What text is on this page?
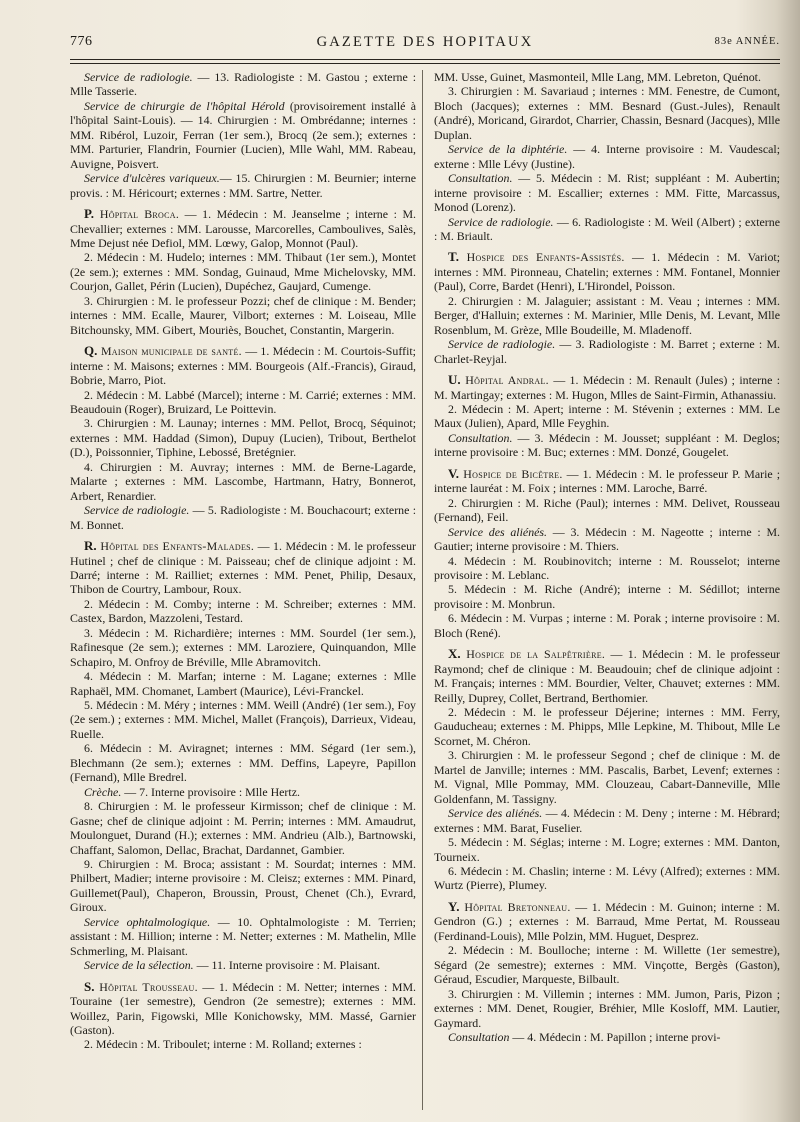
776	GAZETTE DES HOPITAUX	83e ANNÉE.

Service de radiologie. — 13. Radiologiste : M. Gastou ; externe : Mlle Tasserie.

Service de chirurgie de l'hôpital Hérold (provisoirement installé à l'hôpital Saint-Louis). — 14. Chirurgien : M. Ombrédanne; internes : MM. Ribérol, Luzoir, Ferran (1er sem.), Brocq (2e sem.); externes : MM. Parturier, Flandrin, Fournier (Lucien), Mlle Wahl, MM. Rabeau, Auvigne, Poisvert.

Service d'ulcères variqueux.— 15. Chirurgien : M. Beurnier; interne provis. : M. Héricourt; externes : MM. Sartre, Netter.

P. Hôpital Broca. — 1. Médecin : M. Jeanselme ; interne : M. Chevallier; externes : MM. Larousse, Marcorelles, Camboulives, Salès, Mme Dejust née Defiol, MM. Lœwy, Galop, Monnot (Paul).

2. Médecin : M. Hudelo; internes : MM. Thibaut (1er sem.), Montet (2e sem.); externes : MM. Sondag, Guinaud, Mme Michelovsky, MM. Courjon, Gallet, Périn (Lucien), Dupéchez, Gaujard, Cumenge.

3. Chirurgien : M. le professeur Pozzi; chef de clinique : M. Bender; internes : MM. Ecalle, Maurer, Vilbort; externes : M. Loiseau, Mlle Bitchounsky, MM. Gibert, Mouriès, Bouchet, Constantin, Margerin.

Q. Maison municipale de santé. — 1. Médecin : M. Courtois-Suffit; interne : M. Maisons; externes : MM. Bourgeois (Alf.-Francis), Giraud, Bobrie, Marro, Piot.

2. Médecin : M. Labbé (Marcel); interne : M. Carrié; externes : MM. Beaudouin (Roger), Bruizard, Le Poittevin.

3. Chirurgien : M. Launay; internes : MM. Pellot, Brocq, Séquinot; externes : MM. Haddad (Simon), Dupuy (Lucien), Tribout, Berthelot (D.), Poissonnier, Tiphine, Lebossé, Bretégnier.

4. Chirurgien : M. Auvray; internes : MM. de Berne-Lagarde, Malarte ; externes : MM. Lascombe, Hartmann, Hatry, Bonnerot, Arbert, Renardier.

Service de radiologie. — 5. Radiologiste : M. Bouchacourt; externe : M. Bonnet.

R. Hôpital des Enfants-Malades. — 1. Médecin : M. le professeur Hutinel ; chef de clinique : M. Paisseau; chef de clinique adjoint : M. Darré; interne : M. Railliet; externes : MM. Penet, Philip, Desaux, Thibon de Courtry, Lambour, Roux.

2. Médecin : M. Comby; interne : M. Schreiber; externes : MM. Castex, Bardon, Mazzoleni, Testard.

3. Médecin : M. Richardière; internes : MM. Sourdel (1er sem.), Rafinesque (2e sem.); externes : MM. Laroziere, Quinquandon, Mlle Schapiro, M. Onfroy de Bréville, Mlle Abramovitch.

4. Médecin : M. Marfan; interne : M. Lagane; externes : Mlle Raphaël, MM. Chomanet, Lambert (Maurice), Lévi-Franckel.

5. Médecin : M. Méry ; internes : MM. Weill (André) (1er sem.), Foy (2e sem.) ; externes : MM. Michel, Mallet (François), Darrieux, Videau, Ruelle.

6. Médecin : M. Avіragnet; internes : MM. Ségard (1er sem.), Blechmann (2e sem.); externes : MM. Deffins, Lapeyre, Papillon (Fernand), Mlle Bredrel.

Crèche. — 7. Interne provisoire : Mlle Hertz.

8. Chirurgien : M. le professeur Kirmisson; chef de clinique : M. Gasne; chef de clinique adjoint : M. Perrin; internes : MM. Amaudrut, Moulonguet, Durand (H.); externes : MM. Andrieu (Alb.), Bartnowski, Chaffant, Salomon, Dellac, Brachat, Dardannet, Gambier.

9. Chirurgien : M. Broca; assistant : M. Sourdat; internes : MM. Philbert, Madier; interne provisoire : M. Cleisz; externes : MM. Pinard, Guillemet(Paul), Chaperon, Broussin, Proust, Chenet (Ch.), Evrard, Giroux.

Service ophtalmologique. — 10. Ophtalmologiste : M. Terrien; assistant : M. Hillion; interne : M. Netter; externes : M. Mathelin, Mlle Schmerling, M. Plaisant.

Service de la sélection. — 11. Interne provisoire : M. Plaisant.

S. Hôpital Trousseau. — 1. Médecin : M. Netter; internes : MM. Touraine (1er semestre), Gendron (2e semestre); externes : MM. Woillez, Parin, Figowski, Mlle Konichowsky, MM. Massé, Garnier (Gaston).

2. Médecin : M. Triboulet; interne : M. Rolland; externes :

MM. Usse, Guinet, Masmonteil, Mlle Lang, MM. Lebreton, Quénot.

3. Chirurgien : M. Savariaud ; internes : MM. Fenestre, de Cumont, Bloch (Jacques); externes : MM. Besnard (Gust.-Jules), Renault (André), Moricand, Girardot, Charrier, Chassin, Besnard (Jacques), Mlle Duplan.

Service de la diphtérie. — 4. Interne provisoire : M. Vaudescal; externe : Mlle Lévy (Justine).

Consultation. — 5. Médecin : M. Rist; suppléant : M. Aubertin; interne provisoire : M. Escallier; externes : MM. Fitte, Marcassus, Monod (Lorenz).

Service de radiologie. — 6. Radiologiste : M. Weil (Albert) ; externe : M. Briault.

T. Hospice des Enfants-Assistés. — 1. Médecin : M. Variot; internes : MM. Pironneau, Chatelin; externes : MM. Fontanel, Monnier (Paul), Corre, Bardet (Henri), L'Hirondel, Poisson.

2. Chirurgien : M. Jalaguier; assistant : M. Veau ; internes : MM. Berger, d'Halluin; externes : M. Marinier, Mlle Denis, M. Levant, Mlle Rosenblum, M. Grèze, Mlle Boudeille, M. Mladenoff.

Service de radiologie. — 3. Radiologiste : M. Barret ; externe : M. Charlet-Reyjal.

U. Hôpital Andral. — 1. Médecin : M. Renault (Jules) ; interne : M. Martingay; externes : M. Hugon, Mlles de Saint-Firmin, Athanassiu.

2. Médecin : M. Apert; interne : M. Stévenin ; externes : MM. Le Maux (Julien), Apard, Mlle Feyghin.

Consultation. — 3. Médecin : M. Jousset; suppléant : M. Deglos; interne provisoire : M. Buc; externes : MM. Donzé, Gougelet.

V. Hospice de Bicêtre. — 1. Médecin : M. le professeur P. Marie ; interne lauréat : M. Foix ; internes : MM. Laroche, Barré.

2. Chirurgien : M. Riche (Paul); internes : MM. Delivet, Rousseau (Fernand), Feil.

Service des aliénés. — 3. Médecin : M. Nageotte ; interne : M. Gautier; interne provisoire : M. Thiers.

4. Médecin : M. Roubinovitch; interne : M. Rousselot; interne provisoire : M. Leblanc.

5. Médecin : M. Riche (André); interne : M. Sédillot; interne provisoire : M. Monbrun.

6. Médecin : M. Vurpas ; interne : M. Porak ; interne provisoire : M. Bloch (René).

X. Hospice de la Salpêtrière. — 1. Médecin : M. le professeur Raymond; chef de clinique : M. Beaudouin; chef de clinique adjoint : M. Français; internes : MM. Bourdier, Velter, Chauvet; externes : MM. Reilly, Duprey, Collet, Bertrand, Berthomier.

2. Médecin : M. le professeur Déjerine; internes : MM. Ferry, Gauducheau; externes : M. Phipps, Mlle Lepkine, M. Thibout, Mlle Le Scornet, M. Chéron.

3. Chirurgien : M. le professeur Segond ; chef de clinique : M. de Martel de Janville; internes : MM. Pascalis, Barbet, Levenf; externes : M. Vignal, Mlle Pommay, MM. Clouzeau, Cabart-Danneville, Mlle Goldenfann, M. Tassigny.

Service des aliénés. — 4. Médecin : M. Deny ; interne : M. Hébrard; externes : MM. Barat, Fuselier.

5. Médecin : M. Séglas; interne : M. Logre; externes : MM. Danton, Tourneix.

6. Médecin : M. Chaslin; interne : M. Lévy (Alfred); externes : MM. Wurtz (Pierre), Plumey.

Y. Hôpital Bretonneau. — 1. Médecin : M. Guinon; interne : M. Gendron (G.) ; externes : M. Barraud, Mme Pertat, M. Rousseau (Ferdinand-Louis), Mlle Polzin, MM. Huguet, Desprez.

2. Médecin : M. Boulloche; interne : M. Willette (1er semestre), Ségard (2e semestre); externes : MM. Vinçotte, Bergès (Gaston), Géraud, Escudier, Marqueste, Bilbault.

3. Chirurgien : M. Villemin ; internes : MM. Jumon, Paris, Pizon ; externes : MM. Denet, Rougier, Bréhier, Mlle Kosloff, MM. Lautier, Gaymard.

Consultation — 4. Médecin : M. Papillon ; interne provi-
